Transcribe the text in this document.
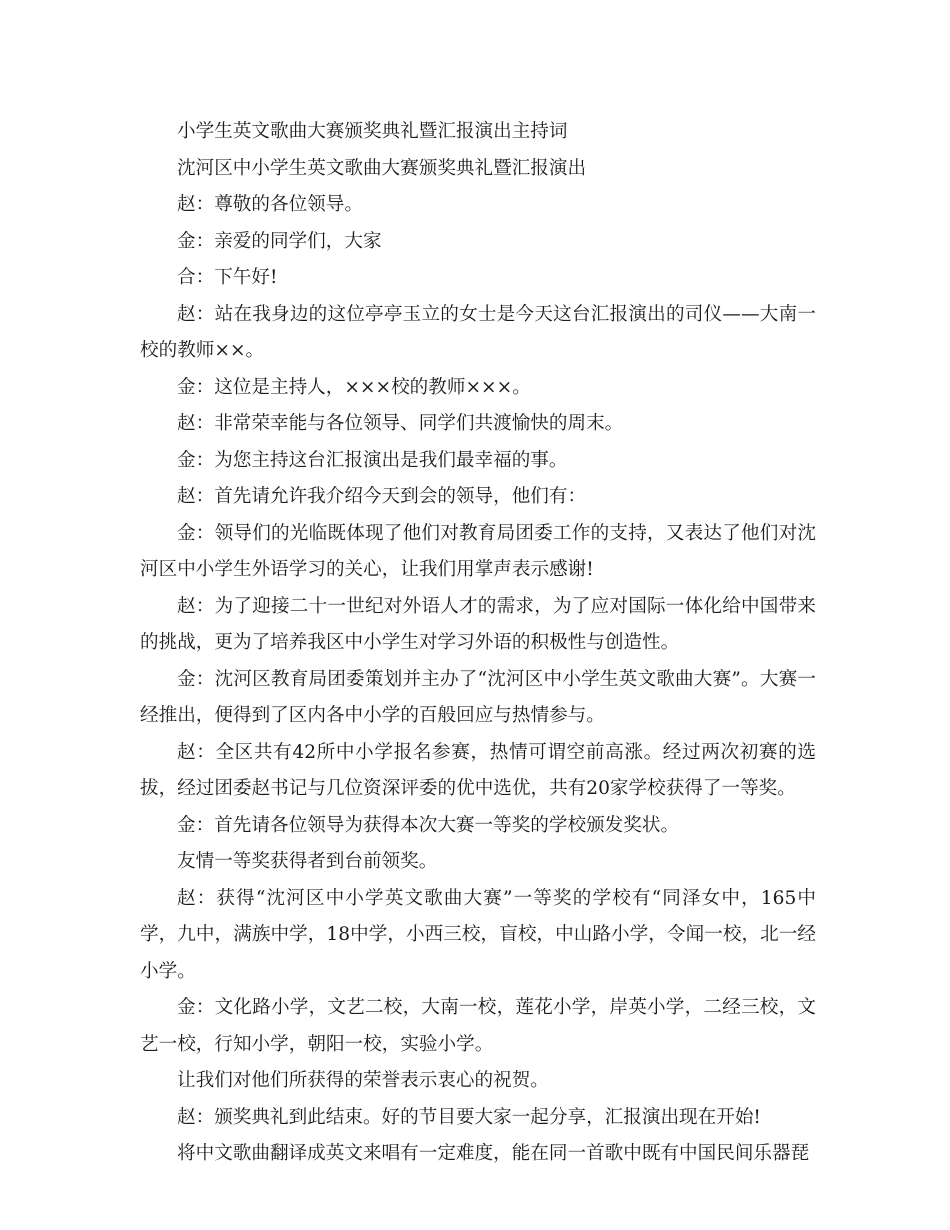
小学生英文歌曲大赛颁奖典礼暨汇报演出主持词

沈河区中小学生英文歌曲大赛颁奖典礼暨汇报演出

赵：尊敬的各位领导。

金：亲爱的同学们，大家

合：下午好!

赵：站在我身边的这位亭亭玉立的女士是今天这台汇报演出的司仪——大南一校的教师××。

金：这位是主持人，×××校的教师×××。

赵：非常荣幸能与各位领导、同学们共渡愉快的周末。

金：为您主持这台汇报演出是我们最幸福的事。

赵：首先请允许我介绍今天到会的领导，他们有：

金：领导们的光临既体现了他们对教育局团委工作的支持，又表达了他们对沈河区中小学生外语学习的关心，让我们用掌声表示感谢!

赵：为了迎接二十一世纪对外语人才的需求，为了应对国际一体化给中国带来的挑战，更为了培养我区中小学生对学习外语的积极性与创造性。

金：沈河区教育局团委策划并主办了“沈河区中小学生英文歌曲大赛”。大赛一经推出，便得到了区内各中小学的百般回应与热情参与。

赵：全区共有42所中小学报名参赛，热情可谓空前高涨。经过两次初赛的选拔，经过团委赵书记与几位资深评委的优中选优，共有20家学校获得了一等奖。

金：首先请各位领导为获得本次大赛一等奖的学校颁发奖状。

友情一等奖获得者到台前领奖。

赵：获得“沈河区中小学英文歌曲大赛”一等奖的学校有“同泽女中，165中学，九中，满族中学，18中学，小西三校，盲校，中山路小学，令闻一校，北一经小学。

金：文化路小学，文艺二校，大南一校，莲花小学，岸英小学，二经三校，文艺一校，行知小学，朝阳一校，实验小学。

让我们对他们所获得的荣誉表示衷心的祝贺。

赵：颁奖典礼到此结束。好的节目要大家一起分享，汇报演出现在开始!

将中文歌曲翻译成英文来唱有一定难度，能在同一首歌中既有中国民间乐器琵
